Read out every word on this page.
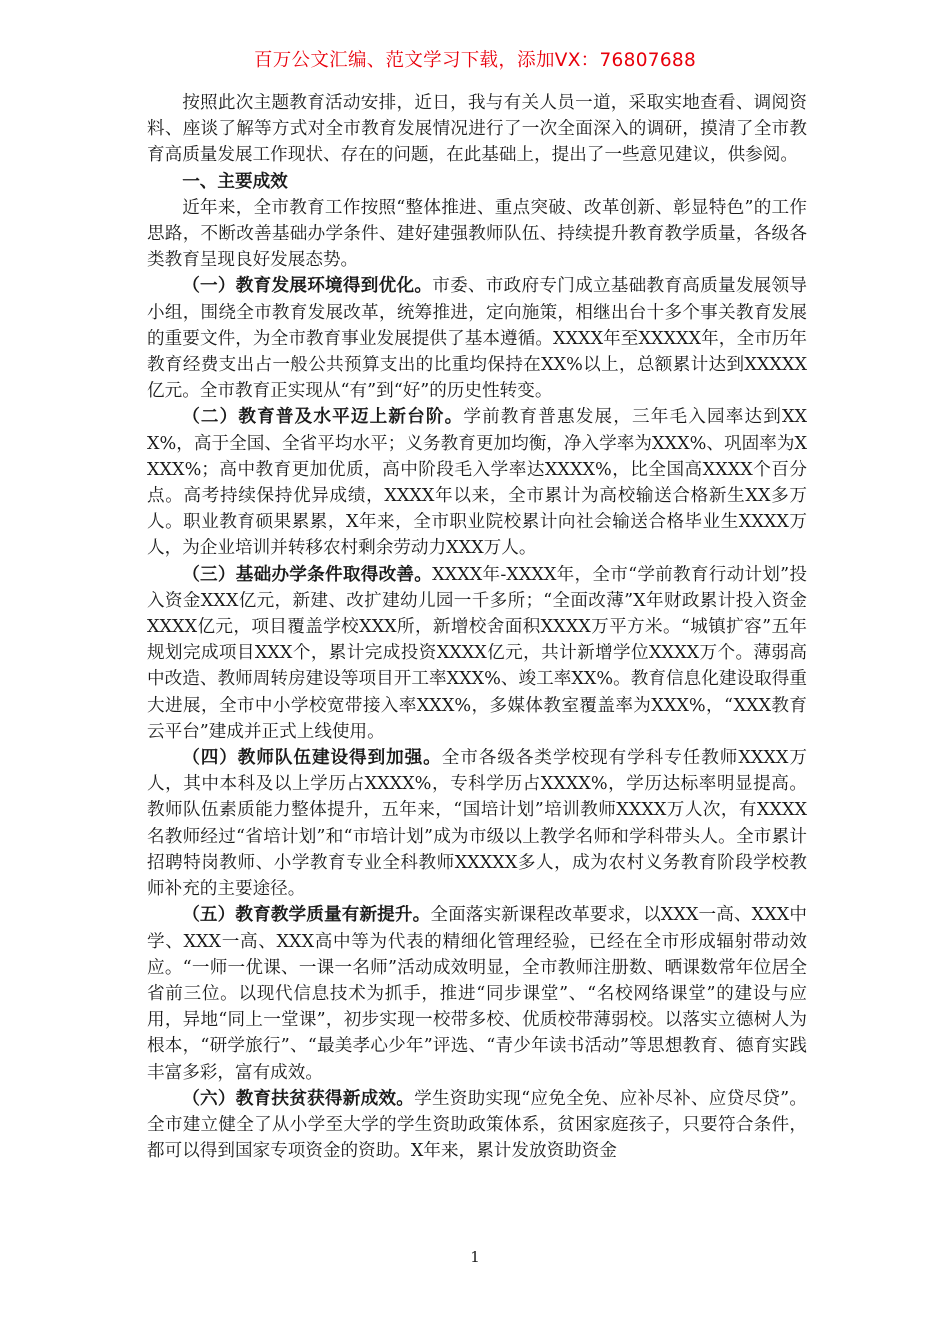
百万公文汇编、范文学习下载，添加VX：76807688

按照此次主题教育活动安排，近日，我与有关人员一道，采取实地查看、调阅资料、座谈了解等方式对全市教育发展情况进行了一次全面深入的调研，摸清了全市教育高质量发展工作现状、存在的问题，在此基础上，提出了一些意见建议，供参阅。

一、主要成效

近年来，全市教育工作按照“整体推进、重点突破、改革创新、彰显特色”的工作思路，不断改善基础办学条件、建好建强教师队伍、持续提升教育教学质量，各级各类教育呈现良好发展态势。

（一）教育发展环境得到优化。市委、市政府专门成立基础教育高质量发展领导小组，围绕全市教育发展改革，统筹推进，定向施策，相继出台十多个事关教育发展的重要文件，为全市教育事业发展提供了基本遵循。XXXX年至XXXXX年，全市历年教育经费支出占一般公共预算支出的比重均保持在XX%以上，总额累计达到XXXXX亿元。全市教育正实现从“有”到“好”的历史性转变。

（二）教育普及水平迈上新台阶。学前教育普惠发展，三年毛入园率达到XXX%，高于全国、全省平均水平；义务教育更加均衡，净入学率为XXX%、巩固率为XXXX%；高中教育更加优质，高中阶段毛入学率达XXXX%，比全国高XXXX个百分点。高考持续保持优异成绩，XXXX年以来，全市累计为高校输送合格新生XX多万人。职业教育硕果累累，X年来，全市职业院校累计向社会输送合格毕业生XXXX万人，为企业培训并转移农村剩余劳动力XXX万人。

（三）基础办学条件取得改善。XXXX年-XXXX年，全市“学前教育行动计划”投入资金XXX亿元，新建、改扩建幼儿园一千多所；“全面改薄”X年财政累计投入资金XXXX亿元，项目覆盖学校XXX所，新增校舍面积XXXX万平方米。“城镇扩容”五年规划完成项目XXX个，累计完成投资XXXX亿元，共计新增学位XXXX万个。薄弱高中改造、教师周转房建设等项目开工率XXX%、竣工率XX%。教育信息化建设取得重大进展，全市中小学校宽带接入率XXX%，多媒体教室覆盖率为XXX%，“XXX教育云平台”建成并正式上线使用。

（四）教师队伍建设得到加强。全市各级各类学校现有学科专任教师XXXX万人，其中本科及以上学历占XXXX%，专科学历占XXXX%，学历达标率明显提高。教师队伍素质能力整体提升，五年来，“国培计划”培训教师XXXX万人次，有XXXX名教师经过“省培计划”和“市培计划”成为市级以上教学名师和学科带头人。全市累计招聘特岗教师、小学教育专业全科教师XXXXX多人，成为农村义务教育阶段学校教师补充的主要途径。

（五）教育教学质量有新提升。全面落实新课程改革要求，以XXX一高、XXX中学、XXX一高、XXX高中等为代表的精细化管理经验，已经在全市形成辐射带动效应。“一师一优课、一课一名师”活动成效明显，全市教师注册数、晒课数常年位居全省前三位。以现代信息技术为抓手，推进“同步课堂”、“名校网络课堂”的建设与应用，异地“同上一堂课”，初步实现一校带多校、优质校带薄弱校。以落实立德树人为根本，“研学旅行”、“最美孝心少年”评选、“青少年读书活动”等思想教育、德育实践丰富多彩，富有成效。

（六）教育扶贫获得新成效。学生资助实现“应免全免、应补尽补、应贷尽贷”。全市建立健全了从小学至大学的学生资助政策体系，贫困家庭孩子，只要符合条件，都可以得到国家专项资金的资助。X年来，累计发放资助资金

1
